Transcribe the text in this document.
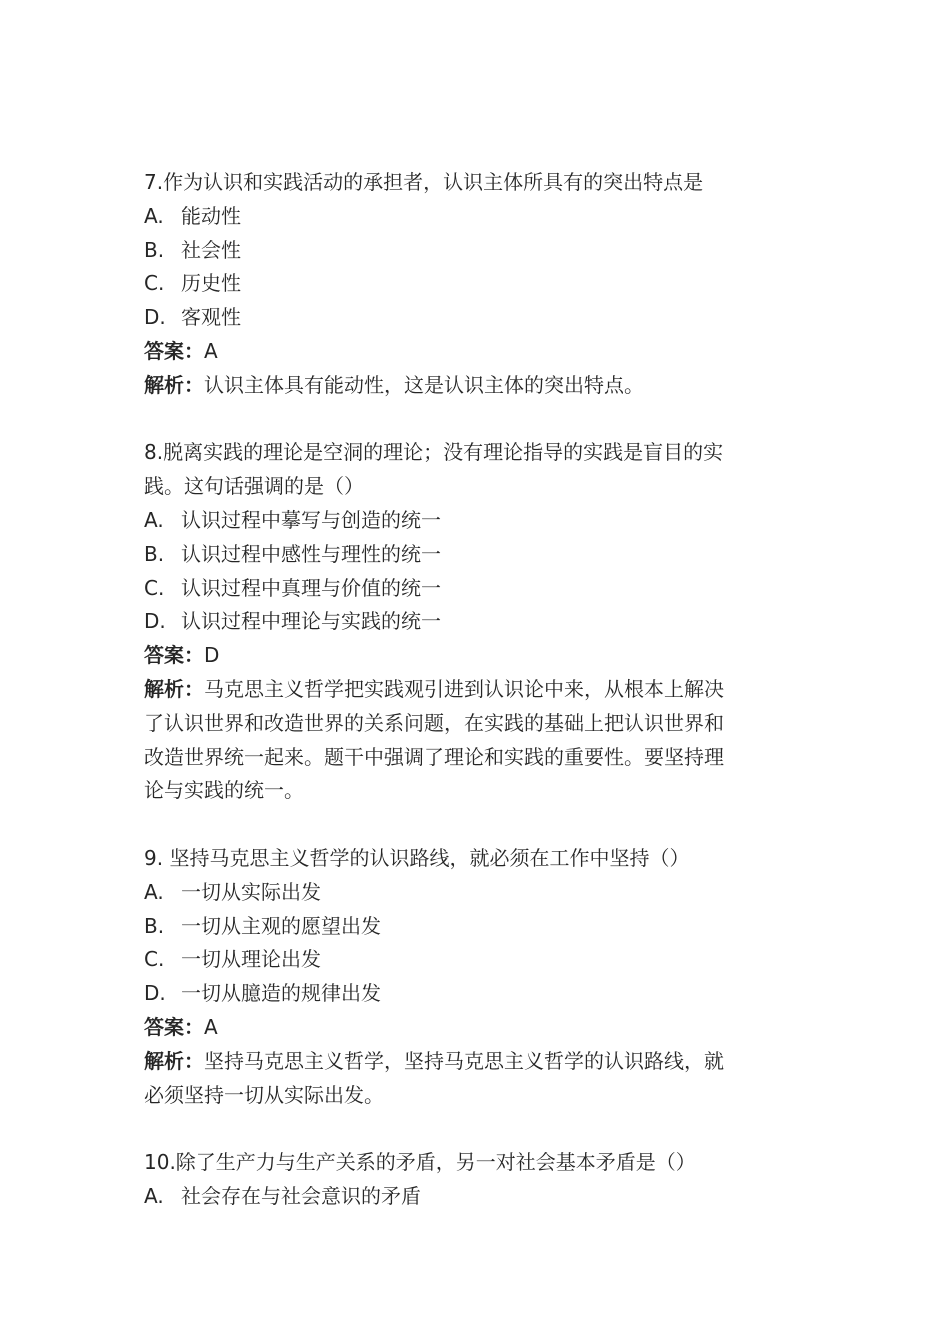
7.作为认识和实践活动的承担者，认识主体所具有的突出特点是

A. 能动性

B. 社会性

C. 历史性

D. 客观性

答案：A

解析：认识主体具有能动性，这是认识主体的突出特点。

8.脱离实践的理论是空洞的理论；没有理论指导的实践是盲目的实

践。这句话强调的是（）

A. 认识过程中摹写与创造的统一

B. 认识过程中感性与理性的统一

C. 认识过程中真理与价值的统一

D. 认识过程中理论与实践的统一

答案：D

解析：马克思主义哲学把实践观引进到认识论中来，从根本上解决

了认识世界和改造世界的关系问题，在实践的基础上把认识世界和

改造世界统一起来。题干中强调了理论和实践的重要性。要坚持理

论与实践的统一。

9. 坚持马克思主义哲学的认识路线，就必须在工作中坚持（）

A. 一切从实际出发

B. 一切从主观的愿望出发

C. 一切从理论出发

D. 一切从臆造的规律出发

答案：A

解析：坚持马克思主义哲学，坚持马克思主义哲学的认识路线，就

必须坚持一切从实际出发。

10.除了生产力与生产关系的矛盾，另一对社会基本矛盾是（）

A. 社会存在与社会意识的矛盾
